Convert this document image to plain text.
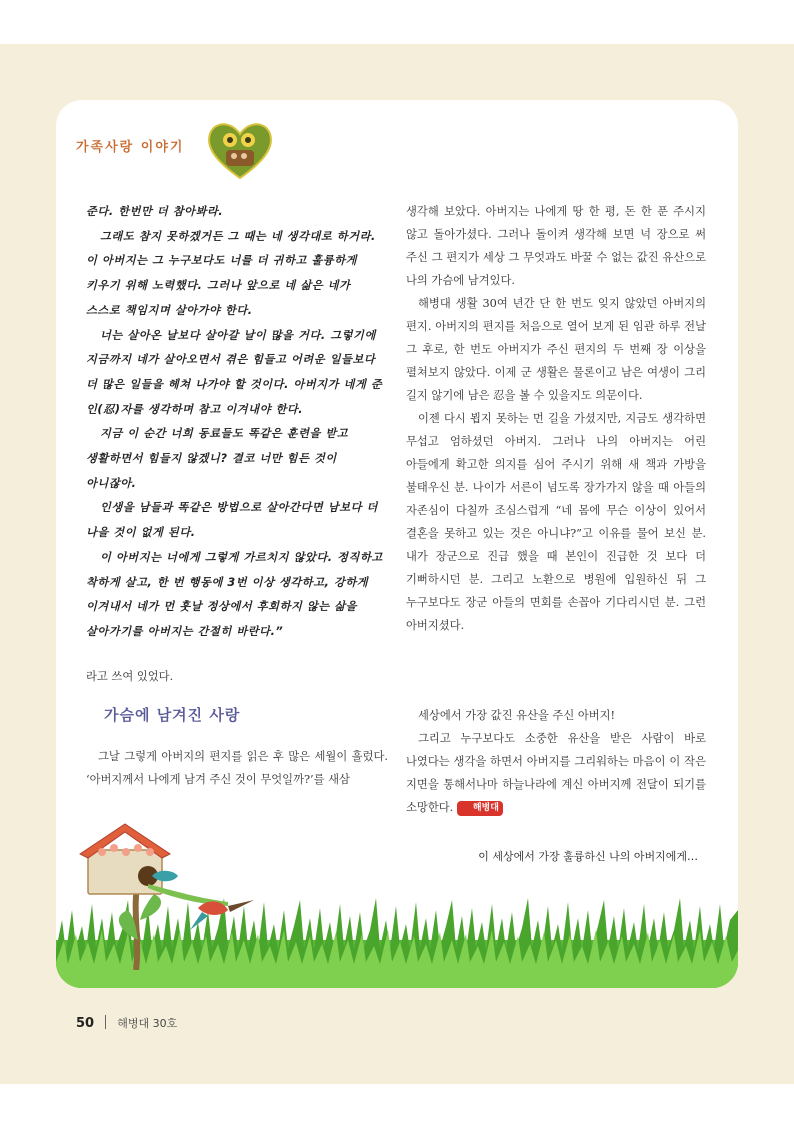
가족사랑 이야기

준다. 한번만 더 참아봐라.

그래도 참지 못하겠거든 그 때는 네 생각대로 하거라. 이 아버지는 그 누구보다도 너를 더 귀하고 훌륭하게 키우기 위해 노력했다. 그러나 앞으로 네 삶은 네가 스스로 책임지며 살아가야 한다.

너는 살아온 날보다 살아갈 날이 많을 거다. 그렇기에 지금까지 네가 살아오면서 겪은 힘들고 어려운 일들보다 더 많은 일들을 헤쳐 나가야 할 것이다. 아버지가 네게 준 인(忍)자를 생각하며 참고 이겨내야 한다.

지금 이 순간 너희 동료들도 똑같은 훈련을 받고 생활하면서 힘들지 않겠니? 결코 너만 힘든 것이 아니잖아.

인생을 남들과 똑같은 방법으로 살아간다면 남보다 더 나을 것이 없게 된다.

이 아버지는 너에게 그렇게 가르치지 않았다. 정직하고 착하게 살고, 한 번 행동에 3번 이상 생각하고, 강하게 이겨내서 네가 먼 훗날 정상에서 후회하지 않는 삶을 살아가기를 아버지는 간절히 바란다.”

라고 쓰여 있었다.

가슴에 남겨진 사랑

그날 그렇게 아버지의 편지를 읽은 후 많은 세월이 흘렀다. ‘아버지께서 나에게 남겨 주신 것이 무엇일까?’를 새삼

생각해 보았다. 아버지는 나에게 땅 한 평, 돈 한 푼 주시지 않고 돌아가셨다. 그러나 돌이켜 생각해 보면 넉 장으로 써 주신 그 편지가 세상 그 무엇과도 바꿀 수 없는 값진 유산으로 나의 가슴에 남겨있다.

해병대 생활 30여 년간 단 한 번도 잊지 않았던 아버지의 편지. 아버지의 편지를 처음으로 열어 보게 된 임관 하루 전날 그 후로, 한 번도 아버지가 주신 편지의 두 번째 장 이상을 펼쳐보지 않았다. 이제 군 생활은 물론이고 남은 여생이 그리 길지 않기에 남은 忍을 볼 수 있을지도 의문이다.

이젠 다시 뵙지 못하는 먼 길을 가셨지만, 지금도 생각하면 무섭고 엄하셨던 아버지. 그러나 나의 아버지는 어린 아들에게 확고한 의지를 심어 주시기 위해 새 책과 가방을 불태우신 분. 나이가 서른이 넘도록 장가가지 않을 때 아들의 자존심이 다칠까 조심스럽게 “네 몸에 무슨 이상이 있어서 결혼을 못하고 있는 것은 아니냐?”고 이유를 물어 보신 분. 내가 장군으로 진급 했을 때 본인이 진급한 것 보다 더 기뻐하시던 분. 그리고 노환으로 병원에 입원하신 뒤 그 누구보다도 장군 아들의 면회를 손꼽아 기다리시던 분. 그런 아버지셨다.

세상에서 가장 값진 유산을 주신 아버지!

그리고 누구보다도 소중한 유산을 받은 사람이 바로 나였다는 생각을 하면서 아버지를 그리워하는 마음이 이 작은 지면을 통해서나마 하늘나라에 계신 아버지께 전달이 되기를 소망한다. 해병대

이 세상에서 가장 훌륭하신 나의 아버지에게…
50 해병대 30호
